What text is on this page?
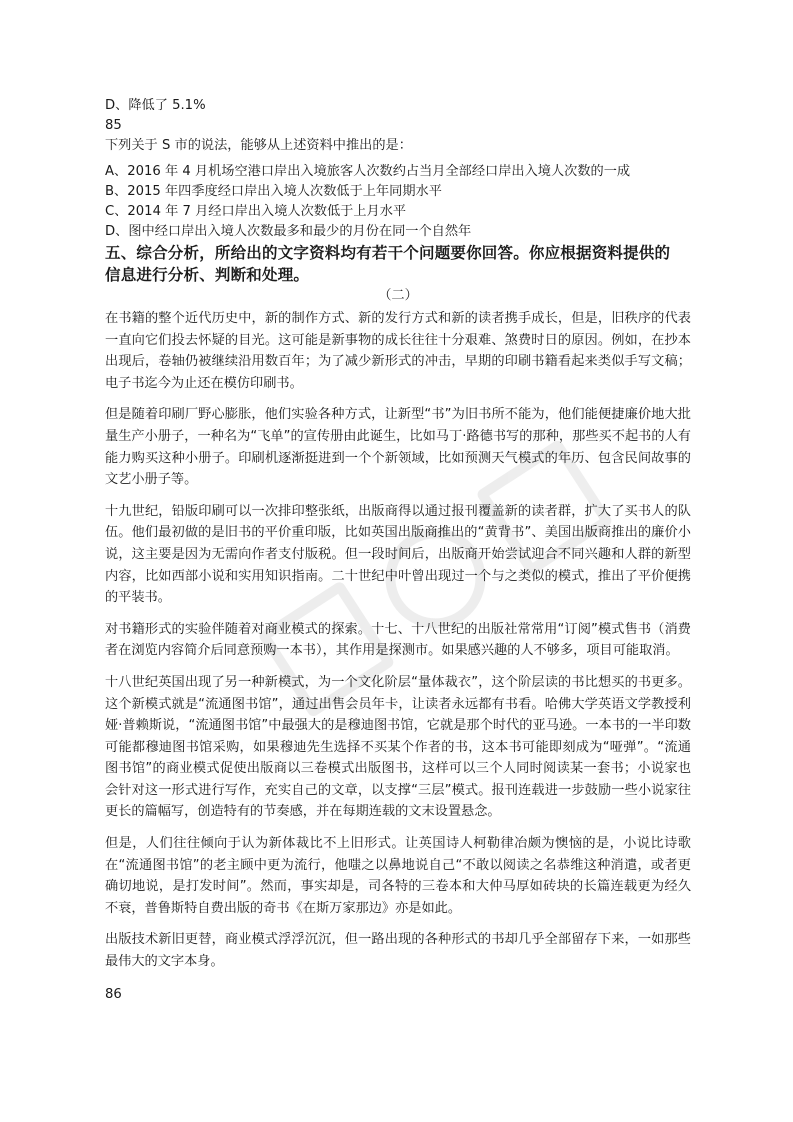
D、降低了 5.1%
85
下列关于 S 市的说法，能够从上述资料中推出的是：
A、2016 年 4 月机场空港口岸出入境旅客人次数约占当月全部经口岸出入境人次数的一成
B、2015 年四季度经口岸出入境人次数低于上年同期水平
C、2014 年 7 月经口岸出入境人次数低于上月水平
D、图中经口岸出入境人次数最多和最少的月份在同一个自然年
五、综合分析，所给出的文字资料均有若干个问题要你回答。你应根据资料提供的
信息进行分析、判断和处理。
（二）

在书籍的整个近代历史中，新的制作方式、新的发行方式和新的读者携手成长，但是，旧秩序的代表一直向它们投去怀疑的目光。这可能是新事物的成长往往十分艰难、煞费时日的原因。例如，在抄本出现后，卷轴仍被继续沿用数百年；为了减少新形式的冲击，早期的印刷书籍看起来类似手写文稿；电子书迄今为止还在模仿印刷书。

但是随着印刷厂野心膨胀，他们实验各种方式，让新型“书”为旧书所不能为，他们能便捷廉价地大批量生产小册子，一种名为“飞单”的宣传册由此诞生，比如马丁·路德书写的那种，那些买不起书的人有能力购买这种小册子。印刷机逐渐挺进到一个个新领域，比如预测天气模式的年历、包含民间故事的文艺小册子等。

十九世纪，铅版印刷可以一次排印整张纸，出版商得以通过报刊覆盖新的读者群，扩大了买书人的队伍。他们最初做的是旧书的平价重印版，比如英国出版商推出的“黄背书”、美国出版商推出的廉价小说，这主要是因为无需向作者支付版税。但一段时间后，出版商开始尝试迎合不同兴趣和人群的新型内容，比如西部小说和实用知识指南。二十世纪中叶曾出现过一个与之类似的模式，推出了平价便携的平装书。

对书籍形式的实验伴随着对商业模式的探索。十七、十八世纪的出版社常常用“订阅”模式售书（消费者在浏览内容简介后同意预购一本书），其作用是探测市。如果感兴趣的人不够多，项目可能取消。

十八世纪英国出现了另一种新模式，为一个文化阶层“量体裁衣”，这个阶层读的书比想买的书更多。这个新模式就是“流通图书馆”，通过出售会员年卡，让读者永远都有书看。哈佛大学英语文学教授利娅·普赖斯说，“流通图书馆”中最强大的是穆迪图书馆，它就是那个时代的亚马逊。一本书的一半印数可能都穆迪图书馆采购，如果穆迪先生选择不买某个作者的书，这本书可能即刻成为“哑弹”。“流通图书馆”的商业模式促使出版商以三卷模式出版图书，这样可以三个人同时阅读某一套书；小说家也会针对这一形式进行写作，充实自己的文章，以支撑“三层”模式。报刊连载进一步鼓励一些小说家往更长的篇幅写，创造特有的节奏感，并在每期连载的文末设置悬念。

但是，人们往往倾向于认为新体裁比不上旧形式。让英国诗人柯勒律冶颇为懊恼的是，小说比诗歌在“流通图书馆”的老主顾中更为流行，他嗤之以鼻地说自己“不敢以阅读之名恭维这种消遣，或者更确切地说，是打发时间”。然而，事实却是，司各特的三卷本和大仲马厚如砖块的长篇连载更为经久不衰，普鲁斯特自费出版的奇书《在斯万家那边》亦是如此。

出版技术新旧更替，商业模式浮浮沉沉，但一路出现的各种形式的书却几乎全部留存下来，一如那些最伟大的文字本身。

86
